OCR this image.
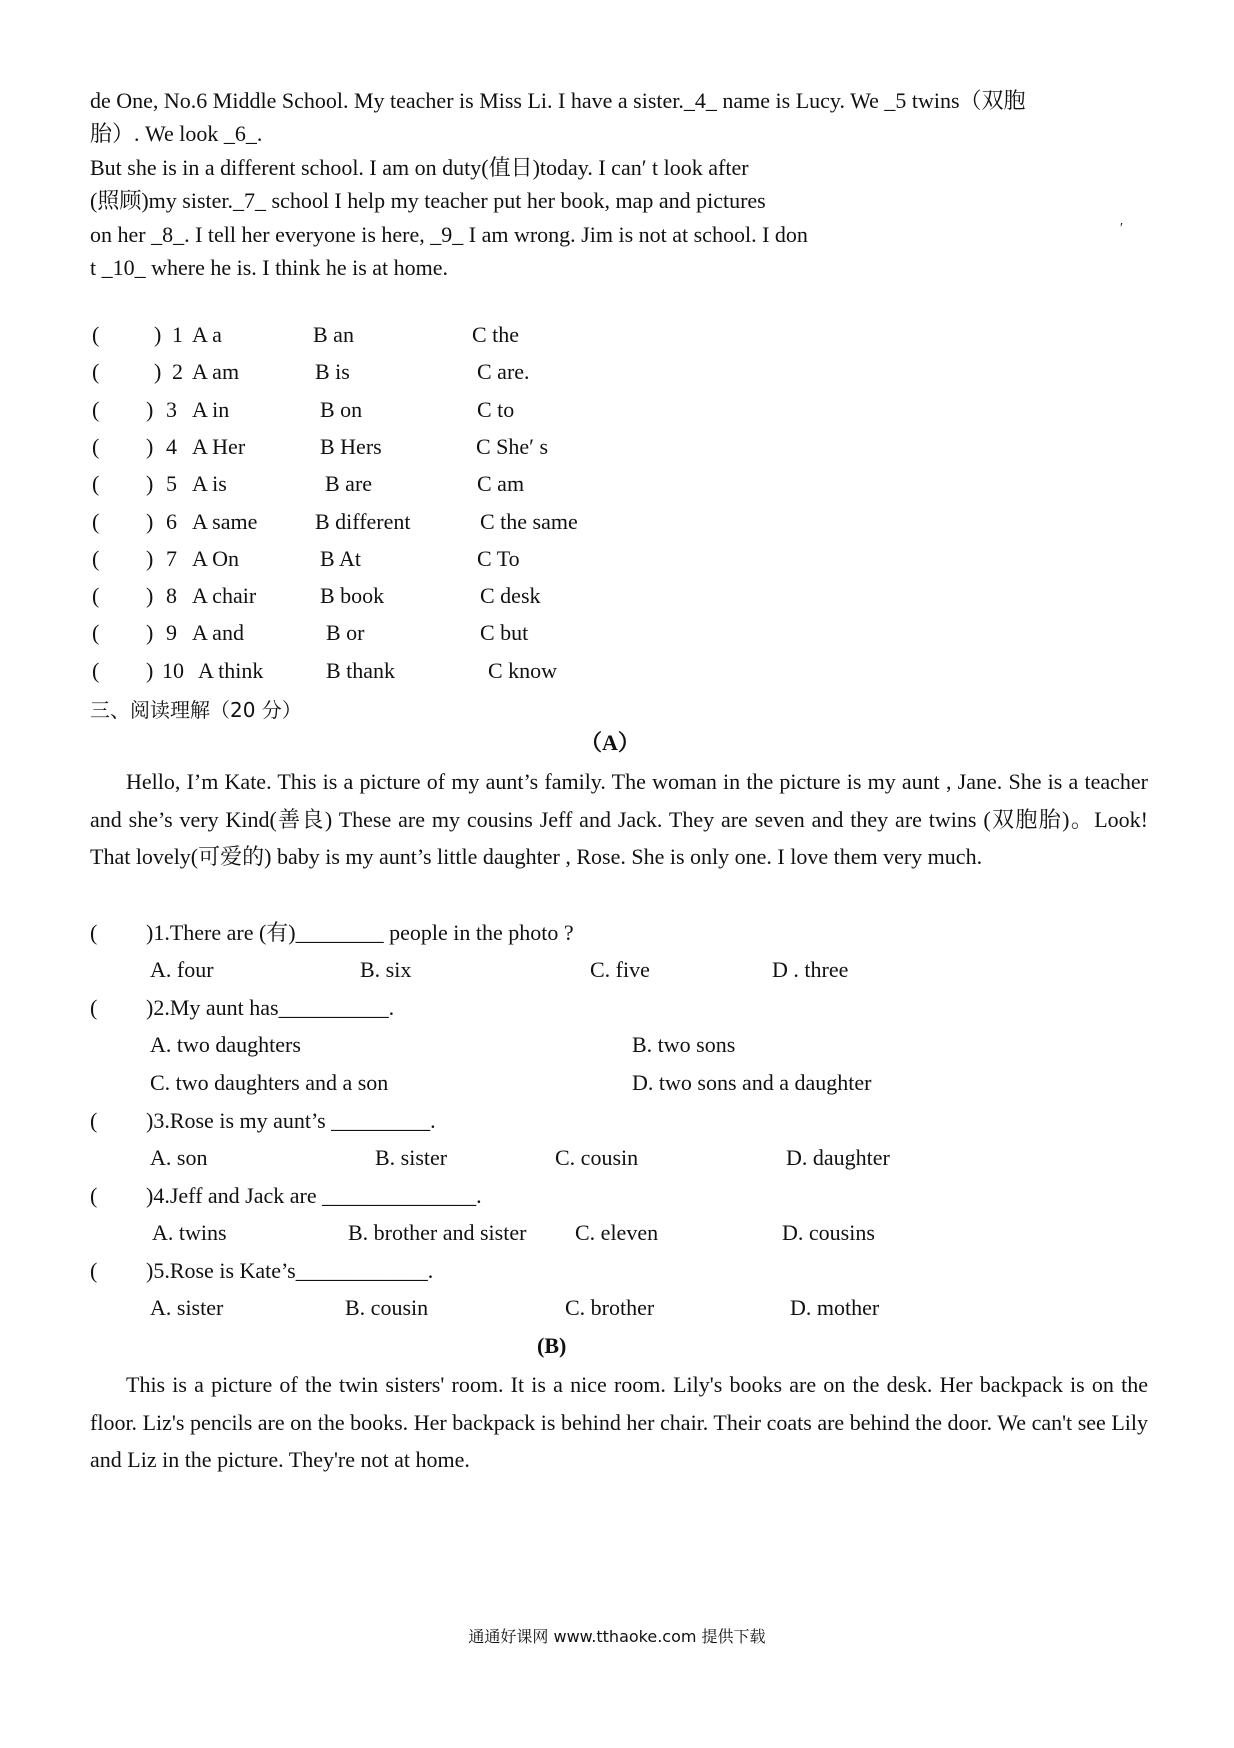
de One, No.6 Middle School. My teacher is Miss Li. I have a sister._4_ name is Lucy. We _5 twins（双胞
胎）. We look _6_.
But she is in a different school. I am on duty(值日)today. I can′ t look after
(照顾)my sister._7_ school I help my teacher put her book, map and pictures
on her _8_. I tell her everyone is here, _9_ I am wrong. Jim is not at school. I don
t _10_ where he is. I think he is at home.
′
( ) 1 A a	B an	C the
( ) 2 A am	B is	C are.
( ) 3 A in	B on	C to
( ) 4 A Her	B Hers	C She′ s
( ) 5 A is	B are	C am
( ) 6 A same	B different	C the same
( ) 7 A On	B At	C To
( ) 8 A chair	B book	C desk
( ) 9 A and	B or	C but
( ) 10 A think	B thank	C know
三、阅读理解（20 分）
（A）
Hello, I’m Kate. This is a picture of my aunt’s family. The woman in the picture is my aunt , Jane. She is a teacher and she’s very Kind(善良) These are my cousins Jeff and Jack. They are seven and they are twins (双胞胎)。Look! That lovely(可爱的) baby is my aunt’s little daughter , Rose. She is only one. I love them very much.
( )1.There are (有)________ people in the photo ?
A. four	B. six	C. five	D . three
( )2.My aunt has__________.
A. two daughters	B. two sons
C. two daughters and a son	D. two sons and a daughter
( )3.Rose is my aunt’s _________.
A. son	B. sister	C. cousin	D. daughter
( )4.Jeff and Jack are ______________.
A. twins	B. brother and sister C. eleven	D. cousins
( )5.Rose is Kate’s____________.
A. sister	B. cousin	C. brother	D. mother
(B)
This is a picture of the twin sisters' room. It is a nice room. Lily's books are on the desk. Her backpack is on the floor. Liz's pencils are on the books. Her backpack is behind her chair. Their coats are behind the door. We can't see Lily and Liz in the picture. They're not at home.
通通好课网 www.tthaoke.com 提供下载
